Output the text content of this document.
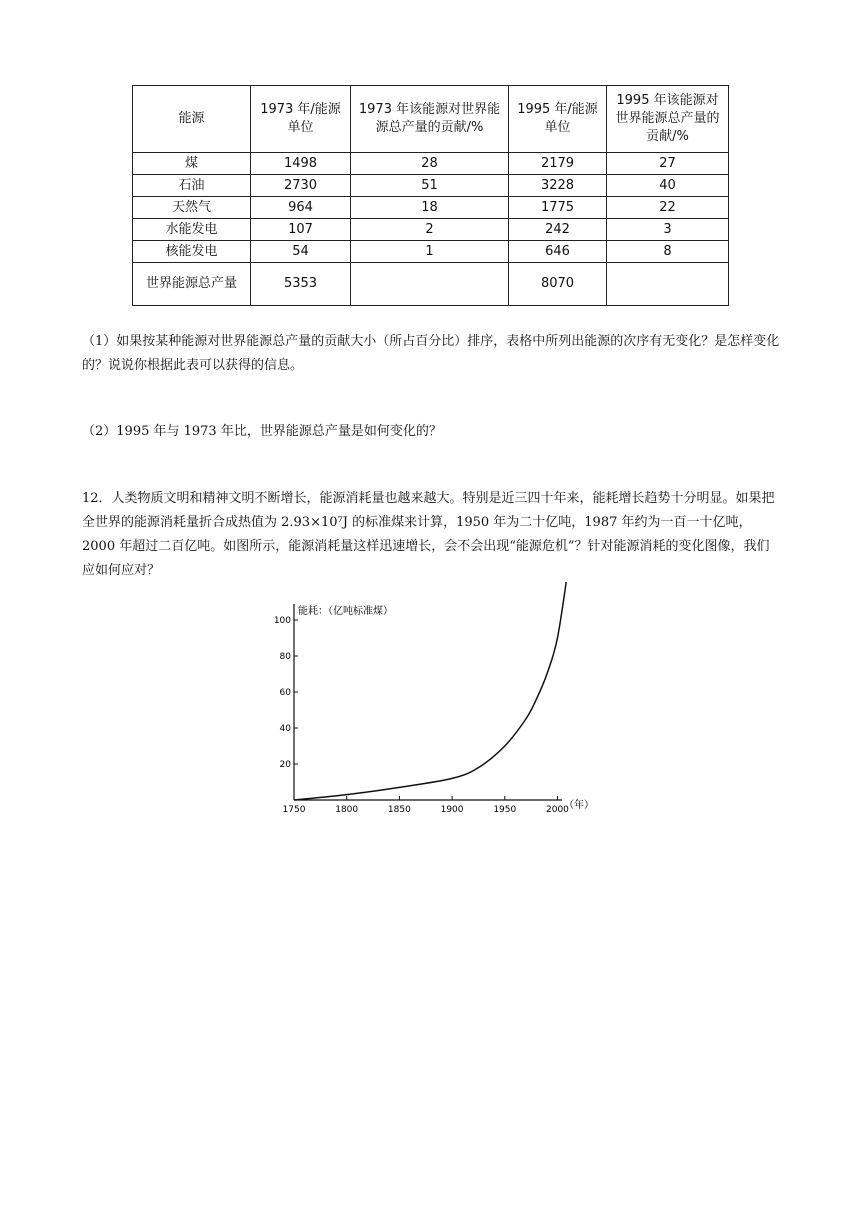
能源	1973 年/能源单位	1973 年该能源对世界能源总产量的贡献/%	1995 年/能源单位	1995 年该能源对世界能源总产量的贡献/%
煤	1498	28	2179	27
石油	2730	51	3228	40
天然气	964	18	1775	22
水能发电	107	2	242	3
核能发电	54	1	646	8
世界能源总产量	5353		8070	

（1）如果按某种能源对世界能源总产量的贡献大小（所占百分比）排序，表格中所列出能源的次序有无变化？是怎样变化的？说说你根据此表可以获得的信息。

（2）1995 年与 1973 年比，世界能源总产量是如何变化的？

12．人类物质文明和精神文明不断增长，能源消耗量也越来越大。特别是近三四十年来，能耗增长趋势十分明显。如果把全世界的能源消耗量折合成热值为 2.93×10⁷J 的标准煤来计算，1950 年为二十亿吨，1987 年约为一百一十亿吨，2000 年超过二百亿吨。如图所示，能源消耗量这样迅速增长，会不会出现“能源危机”？针对能源消耗的变化图像，我们应如何应对？

20
40
60
80
100
1750	1800	1850	1900	1950	2000
能耗：（亿吨标准煤）
（年）
